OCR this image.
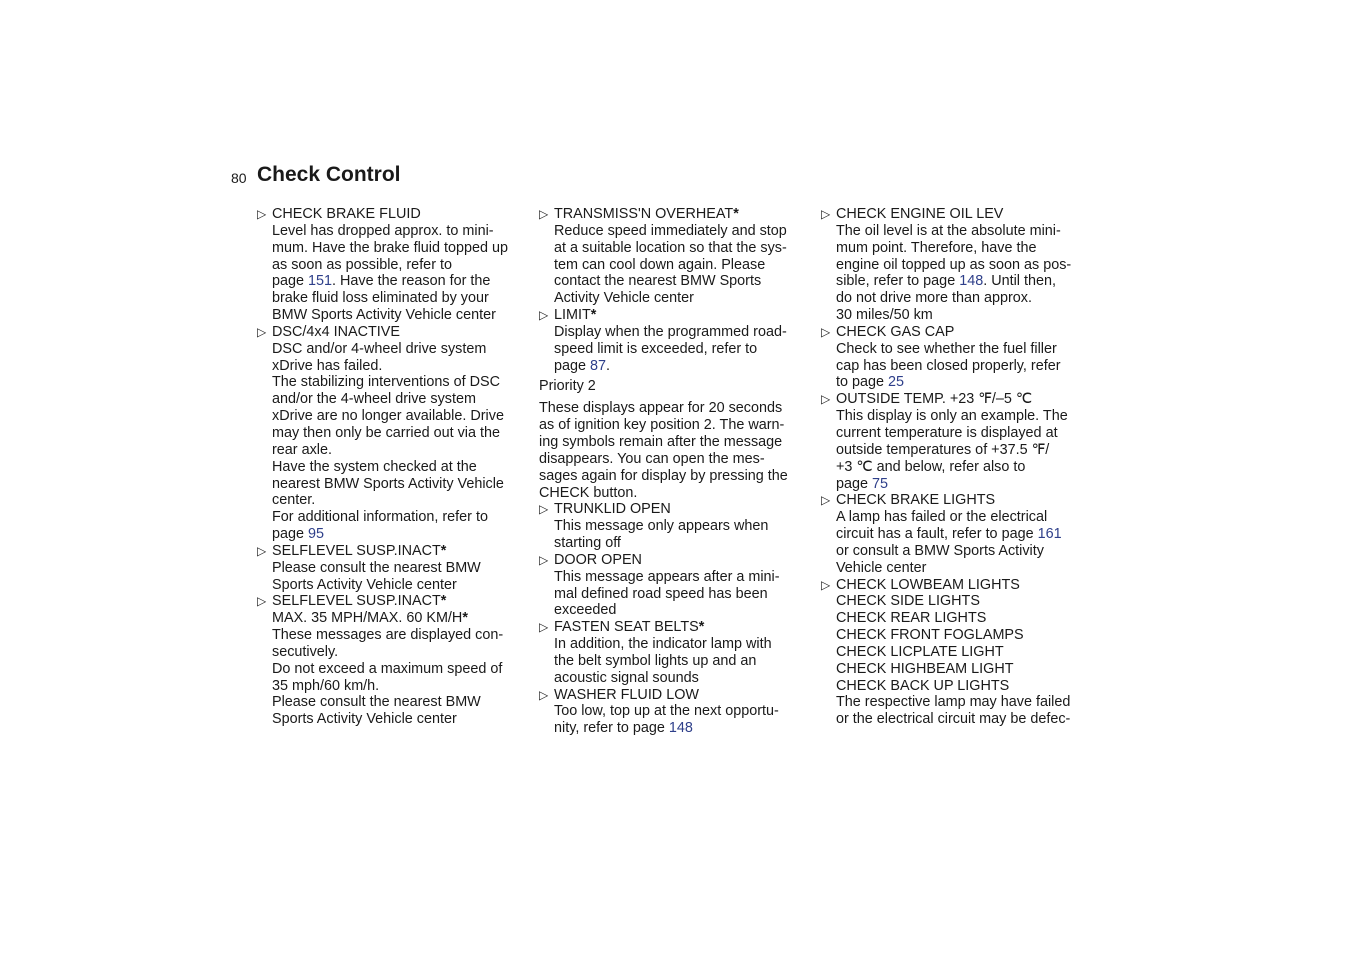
80 Check Control
▷ CHECK BRAKE FLUID
Level has dropped approx. to mini-
mum. Have the brake fluid topped up
as soon as possible, refer to
page 151. Have the reason for the
brake fluid loss eliminated by your
BMW Sports Activity Vehicle center
▷ DSC/4x4 INACTIVE
DSC and/or 4-wheel drive system
xDrive has failed.
The stabilizing interventions of DSC
and/or the 4-wheel drive system
xDrive are no longer available. Drive
may then only be carried out via the
rear axle.
Have the system checked at the
nearest BMW Sports Activity Vehicle
center.
For additional information, refer to
page 95
▷ SELFLEVEL SUSP.INACT*
Please consult the nearest BMW
Sports Activity Vehicle center
▷ SELFLEVEL SUSP.INACT*
MAX. 35 MPH/MAX. 60 KM/H*
These messages are displayed con-
secutively.
Do not exceed a maximum speed of
35 mph/60 km/h.
Please consult the nearest BMW
Sports Activity Vehicle center
▷ TRANSMISS'N OVERHEAT*
Reduce speed immediately and stop
at a suitable location so that the sys-
tem can cool down again. Please
contact the nearest BMW Sports
Activity Vehicle center
▷ LIMIT*
Display when the programmed road-
speed limit is exceeded, refer to
page 87.
Priority 2
These displays appear for 20 seconds
as of ignition key position 2. The warn-
ing symbols remain after the message
disappears. You can open the mes-
sages again for display by pressing the
CHECK button.
▷ TRUNKLID OPEN
This message only appears when
starting off
▷ DOOR OPEN
This message appears after a mini-
mal defined road speed has been
exceeded
▷ FASTEN SEAT BELTS*
In addition, the indicator lamp with
the belt symbol lights up and an
acoustic signal sounds
▷ WASHER FLUID LOW
Too low, top up at the next opportu-
nity, refer to page 148
▷ CHECK ENGINE OIL LEV
The oil level is at the absolute mini-
mum point. Therefore, have the
engine oil topped up as soon as pos-
sible, refer to page 148. Until then,
do not drive more than approx.
30 miles/50 km
▷ CHECK GAS CAP
Check to see whether the fuel filler
cap has been closed properly, refer
to page 25
▷ OUTSIDE TEMP. +23 ℉/–5 ℃
This display is only an example. The
current temperature is displayed at
outside temperatures of +37.5 ℉/
+3 ℃ and below, refer also to
page 75
▷ CHECK BRAKE LIGHTS
A lamp has failed or the electrical
circuit has a fault, refer to page 161
or consult a BMW Sports Activity
Vehicle center
▷ CHECK LOWBEAM LIGHTS
CHECK SIDE LIGHTS
CHECK REAR LIGHTS
CHECK FRONT FOGLAMPS
CHECK LICPLATE LIGHT
CHECK HIGHBEAM LIGHT
CHECK BACK UP LIGHTS
The respective lamp may have failed
or the electrical circuit may be defec-
